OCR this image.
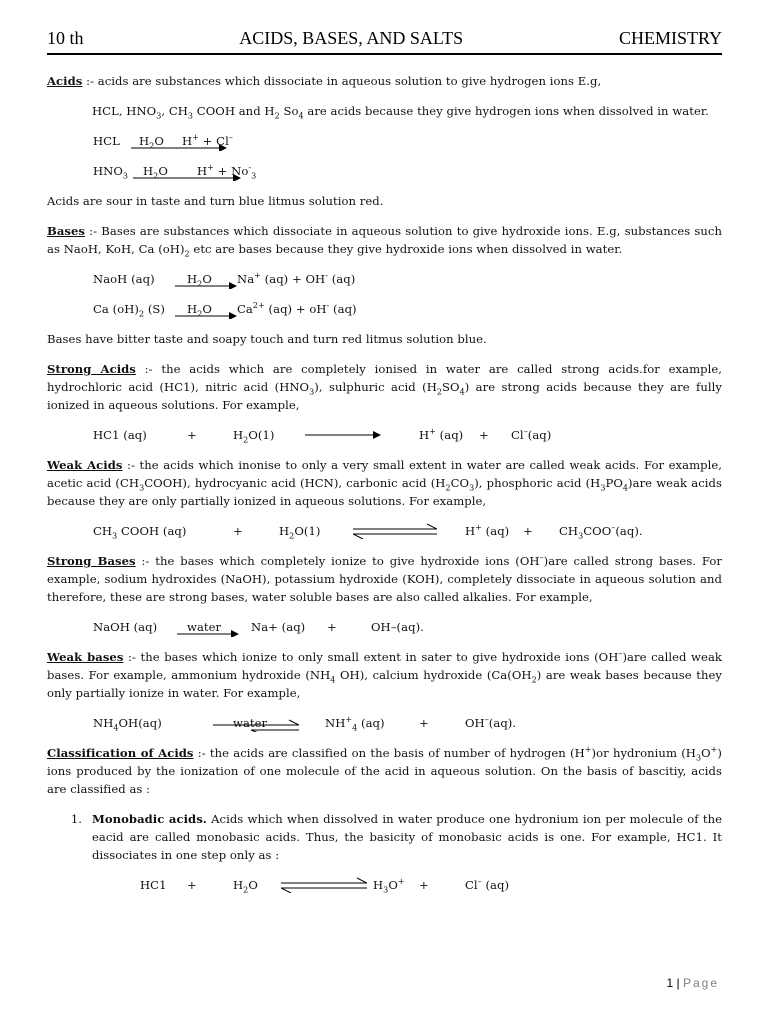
10 th	ACIDS, BASES, AND SALTS	CHEMISTRY

Acids :- acids are substances which dissociate in aqueous solution to give hydrogen ions E.g,

HCL, $HNO_3$, $CH_3$ COOH and $H_2$ $So_4$ are acids because they give hydrogen ions when dissolved in water.

HCL $H_2O$ H+ + Cl–
$HNO_3$ $H_2O$	$H^+ + No^-_3$

Acids are sour in taste and turn blue litmus solution red.

Bases :- Bases are substances which dissociate in aqueous solution to give hydroxide ions. E.g, substances such as NaoH, KoH, Ca $(oH)_2$ etc are bases because they give hydroxide ions when dissolved in water.

NaoH (aq)	$H_2O$ Na+ (aq) + OH- (aq)
Ca $(oH)_2$ (S) $H_2O$ $Ca^{2+}$ (aq) + oH- (aq)

Bases have bitter taste and soapy touch and turn red litmus solution blue.

Strong Acids :- the acids which are completely ionised in water are called strong acids.for example, hydrochloric acid (HC1), nitric acid $(HNO_3)$, sulphuric acid $(H_2SO_4)$ are strong acids because they are fully ionized in aqueous solutions. For example,

HC1 (aq)	+	$H_2O(1)$	H+ (aq) + Cl–(aq)

Weak Acids :- the acids which inonise to only a very small extent in water are called weak acids. For example, acetic acid $(CH_3COOH)$, hydrocyanic acid (HCN), carbonic acid $(H_2CO_3)$, phosphoric acid $(H_3PO_4)are$ weak acids because they are only partially ionized in aqueous solutions. For example,

$CH_3$ COOH (aq)	+	$H_2O(1)$	H+ $(aq) + CH_3COO^-(aq)$.

Strong Bases :- the bases which completely ionize to give hydroxide ions (OH–)are called strong bases. For example, sodium hydroxides (NaOH), potassium hydroxide (KOH), completely dissociate in aqueous solution and therefore, these are strong bases, water soluble bases are also called alkalies. For example,

NaOH (aq)	water	Na+ (aq) +	OH–(aq).

Weak bases :- the bases which ionize to only small extent in sater to give hydroxide ions (OH–)are called weak bases. For example, ammonium hydroxide ($NH_4$ OH), calcium hydroxide ($Ca(OH_2)$ are weak bases because they only partially ionize in water. For example,

$NH_4OH(aq)$	water	$NH^+_4$ (aq)	+	OH–(aq).

Classification of Acids :- the acids are classified on the basis of number of hydrogen (H+)or hydronium $(H_3O^+)$ ions produced by the ionization of one molecule of the acid in aqueous solution. On the basis of bascitiy, acids are classified as :

1. Monobadic acids. Acids which when dissolved in water produce one hydronium ion per molecule of the eacid are called monobasic acids. Thus, the basicity of monobasic acids is one. For example, HC1. It dissociates in one step only as :
HC1 +	$H_2O$	$H_3O^+$ +	Cl– (aq)
1 | Page
